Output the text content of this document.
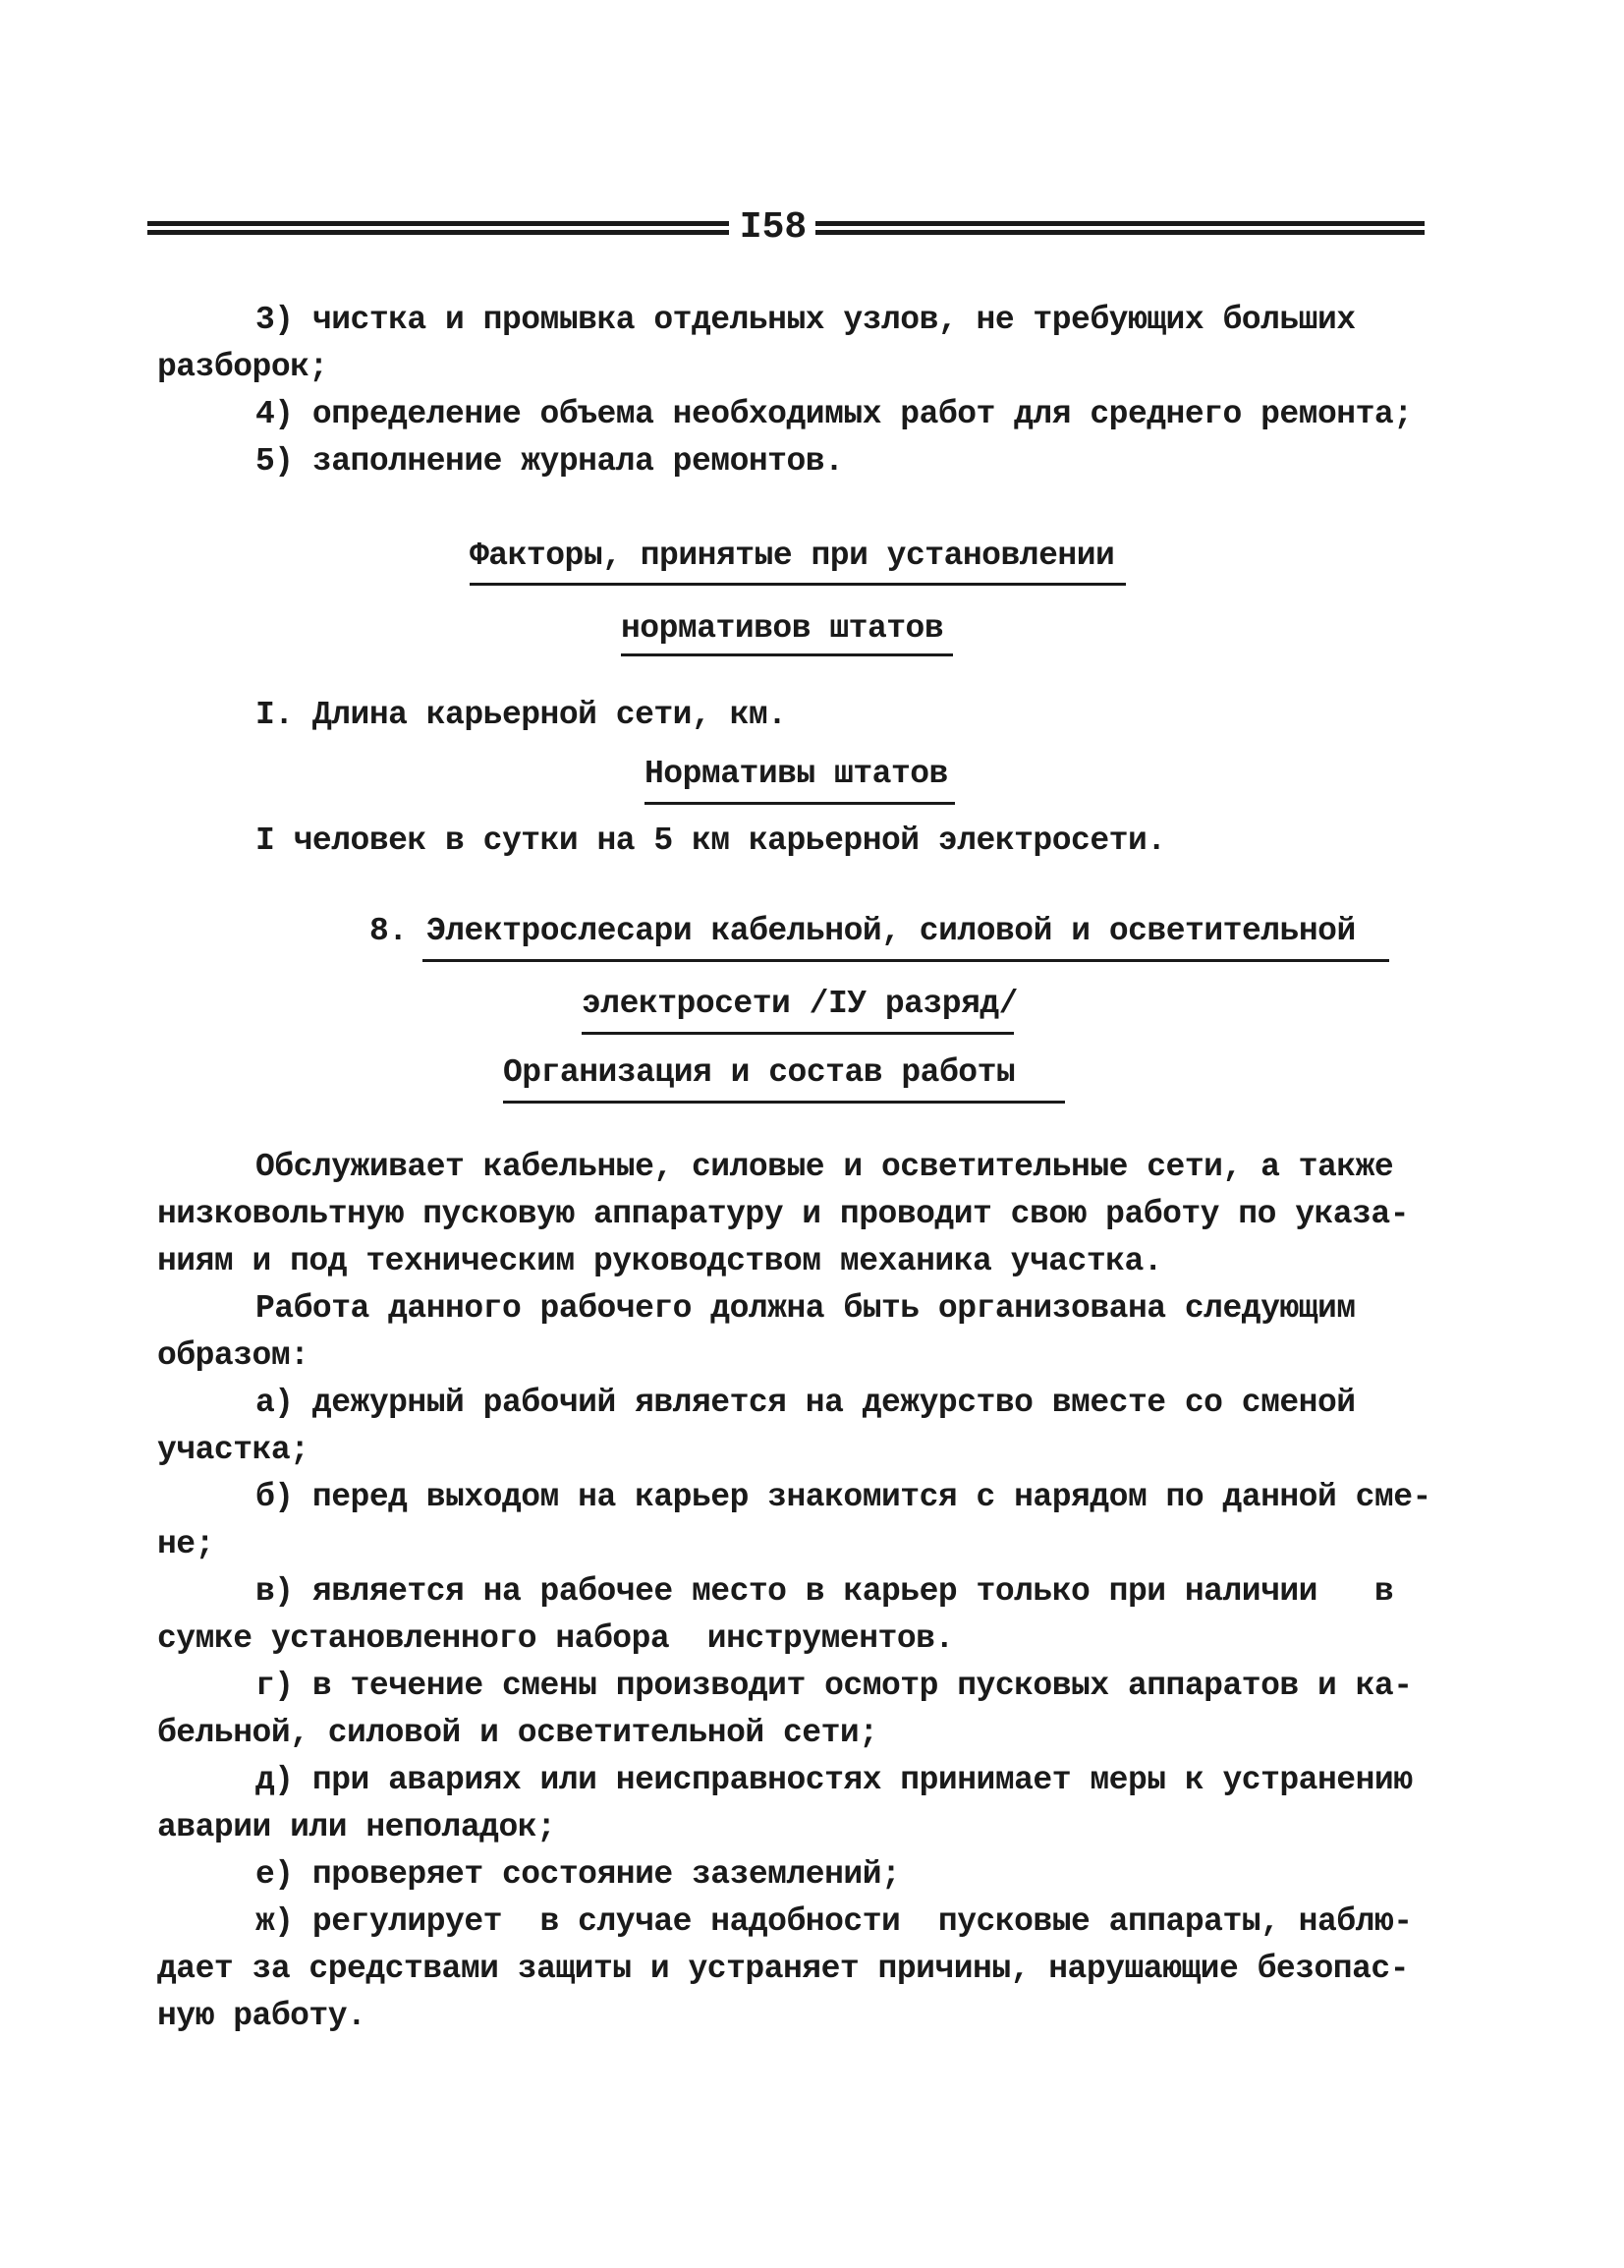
I58
3) чистка и промывка отдельных узлов, не требующих больших
разборок;
4) определение объема необходимых работ для среднего ремонта;
5) заполнение журнала ремонтов.
Факторы, принятые при установлении
нормативов штатов
I. Длина карьерной сети, км.
Нормативы штатов
I человек в сутки на 5 км карьерной электросети.
8. Электрослесари кабельной, силовой и осветительной
электросети /IУ разряд/
Организация и состав работы
Обслуживает кабельные, силовые и осветительные сети, а также
низковольтную пусковую аппаратуру и проводит свою работу по указа-
ниям и под техническим руководством механика участка.
Работа данного рабочего должна быть организована следующим
образом:
а) дежурный рабочий является на дежурство вместе со сменой
участка;
б) перед выходом на карьер знакомится с нарядом по данной сме-
не;
в) является на рабочее место в карьер только при наличии   в
сумке установленного набора  инструментов.
г) в течение смены производит осмотр пусковых аппаратов и ка-
бельной, силовой и осветительной сети;
д) при авариях или неисправностях принимает меры к устранению
аварии или неполадок;
е) проверяет состояние заземлений;
ж) регулирует  в случае надобности  пусковые аппараты, наблю-
дает за средствами защиты и устраняет причины, нарушающие безопас-
ную работу.
